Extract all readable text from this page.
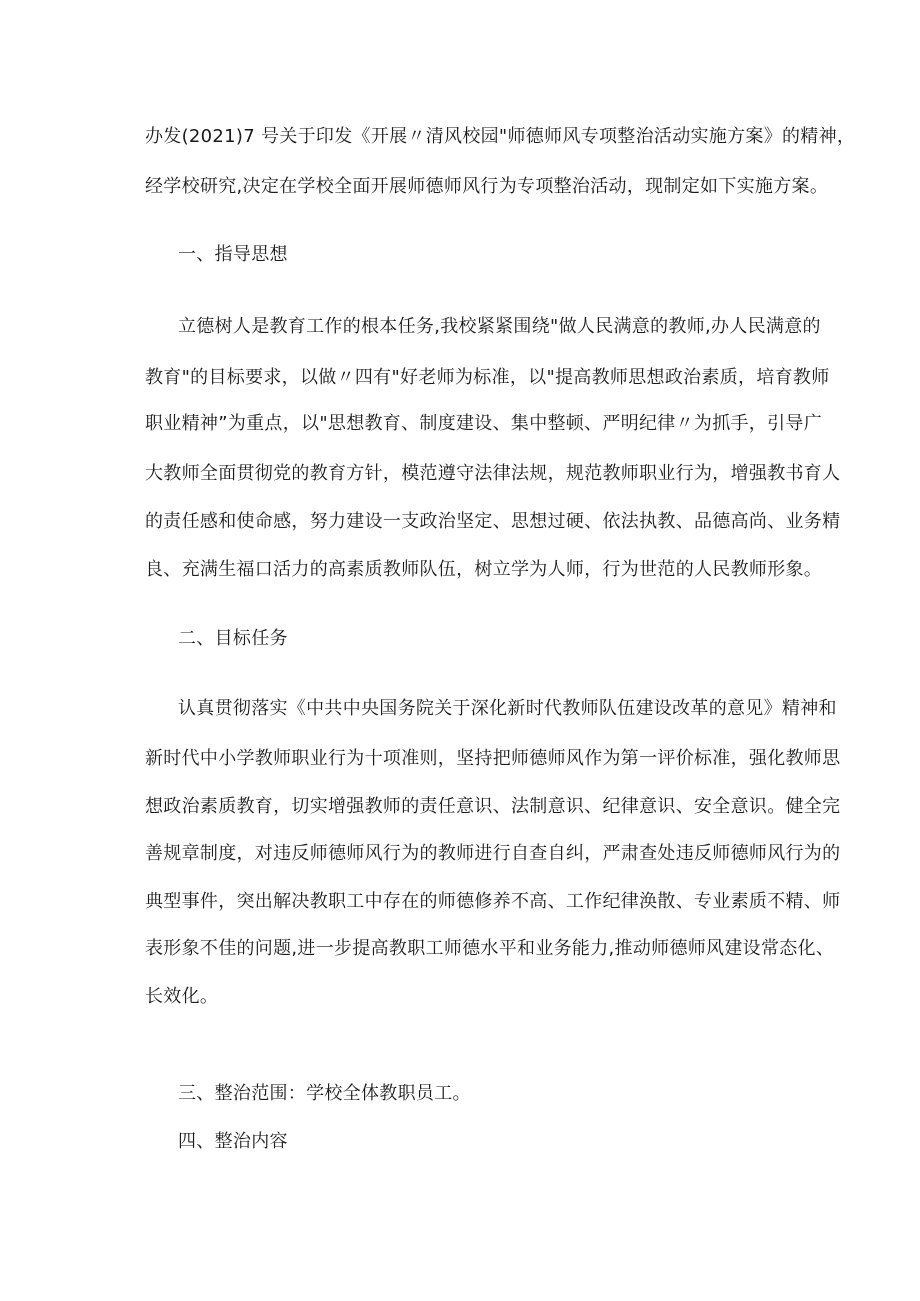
办发(2021)7 号关于印发《开展〃清风校园"师德师风专项整治活动实施方案》的精神，
经学校研究,决定在学校全面开展师德师风行为专项整治活动，现制定如下实施方案。
一、指导思想
立德树人是教育工作的根本任务,我校紧紧围绕"做人民满意的教师,办人民满意的
教育"的目标要求，以做〃四有"好老师为标准，以"提高教师思想政治素质，培育教师
职业精神”为重点，以"思想教育、制度建设、集中整顿、严明纪律〃为抓手，引导广
大教师全面贯彻党的教育方针，模范遵守法律法规，规范教师职业行为，增强教书育人
的责任感和使命感，努力建设一支政治坚定、思想过硬、依法执教、品德高尚、业务精
良、充满生福口活力的高素质教师队伍，树立学为人师，行为世范的人民教师形象。
二、目标任务
认真贯彻落实《中共中央国务院关于深化新时代教师队伍建设改革的意见》精神和
新时代中小学教师职业行为十项准则，坚持把师德师风作为第一评价标准，强化教师思
想政治素质教育，切实增强教师的责任意识、法制意识、纪律意识、安全意识。健全完
善规章制度，对违反师德师风行为的教师进行自查自纠，严肃查处违反师德师风行为的
典型事件，突出解决教职工中存在的师德修养不高、工作纪律涣散、专业素质不精、师
表形象不佳的问题,进一步提高教职工师德水平和业务能力,推动师德师风建设常态化、
长效化。
三、整治范围：学校全体教职员工。
四、整治内容
